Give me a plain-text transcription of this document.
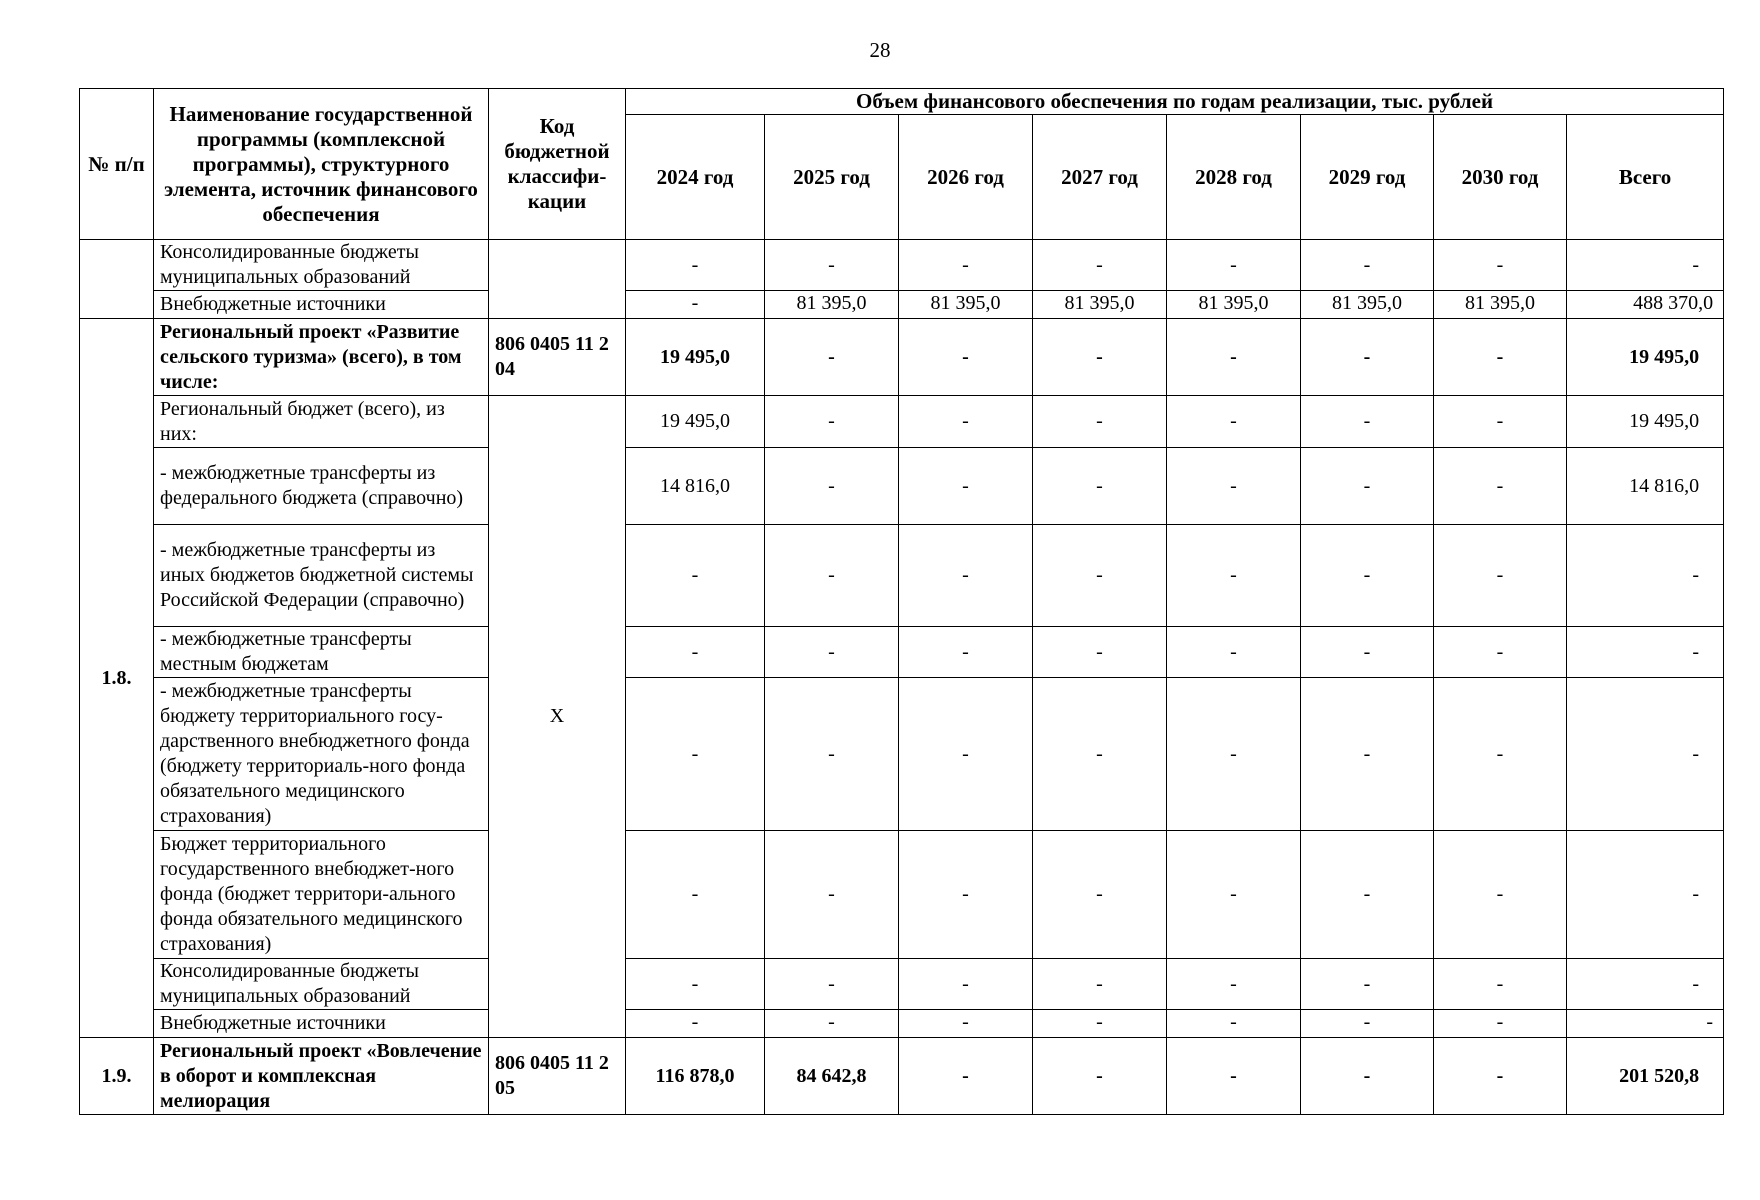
28
№ п/п	Наименование государственной программы (комплексной программы), структурного элемента, источник финансового обеспечения	Код бюджетной классифи-кации	Объем финансового обеспечения по годам реализации, тыс. рублей							
			2024 год	2025 год	2026 год	2027 год	2028 год	2029 год	2030 год	Всего
	Консолидированные бюджеты муниципальных образований		-	-	-	-	-	-	-	-
	Внебюджетные источники		-	81 395,0	81 395,0	81 395,0	81 395,0	81 395,0	81 395,0	488 370,0
1.8.	Региональный проект «Развитие сельского туризма» (всего), в том числе:	806 0405 11 2 04	19 495,0	-	-	-	-	-	-	19 495,0
	Региональный бюджет (всего), из них:	X	19 495,0	-	-	-	-	-	-	19 495,0
	- межбюджетные трансферты из федерального бюджета (справочно)		14 816,0	-	-	-	-	-	-	14 816,0
	- межбюджетные трансферты из иных бюджетов бюджетной системы Российской Федерации (справочно)		-	-	-	-	-	-	-	-
	- межбюджетные трансферты местным бюджетам		-	-	-	-	-	-	-	-
	- межбюджетные трансферты бюджету территориального госу-дарственного внебюджетного фонда (бюджету территориаль-ного фонда обязательного медицинского страхования)		-	-	-	-	-	-	-	-
	Бюджет территориального государственного внебюджет-ного фонда (бюджет территори-ального фонда обязательного медицинского страхования)		-	-	-	-	-	-	-	-
	Консолидированные бюджеты муниципальных образований		-	-	-	-	-	-	-	-
	Внебюджетные источники		-	-	-	-	-	-	-	-
1.9.	Региональный проект «Вовлечение в оборот и комплексная мелиорация	806 0405 11 2 05	116 878,0	84 642,8	-	-	-	-	-	201 520,8
